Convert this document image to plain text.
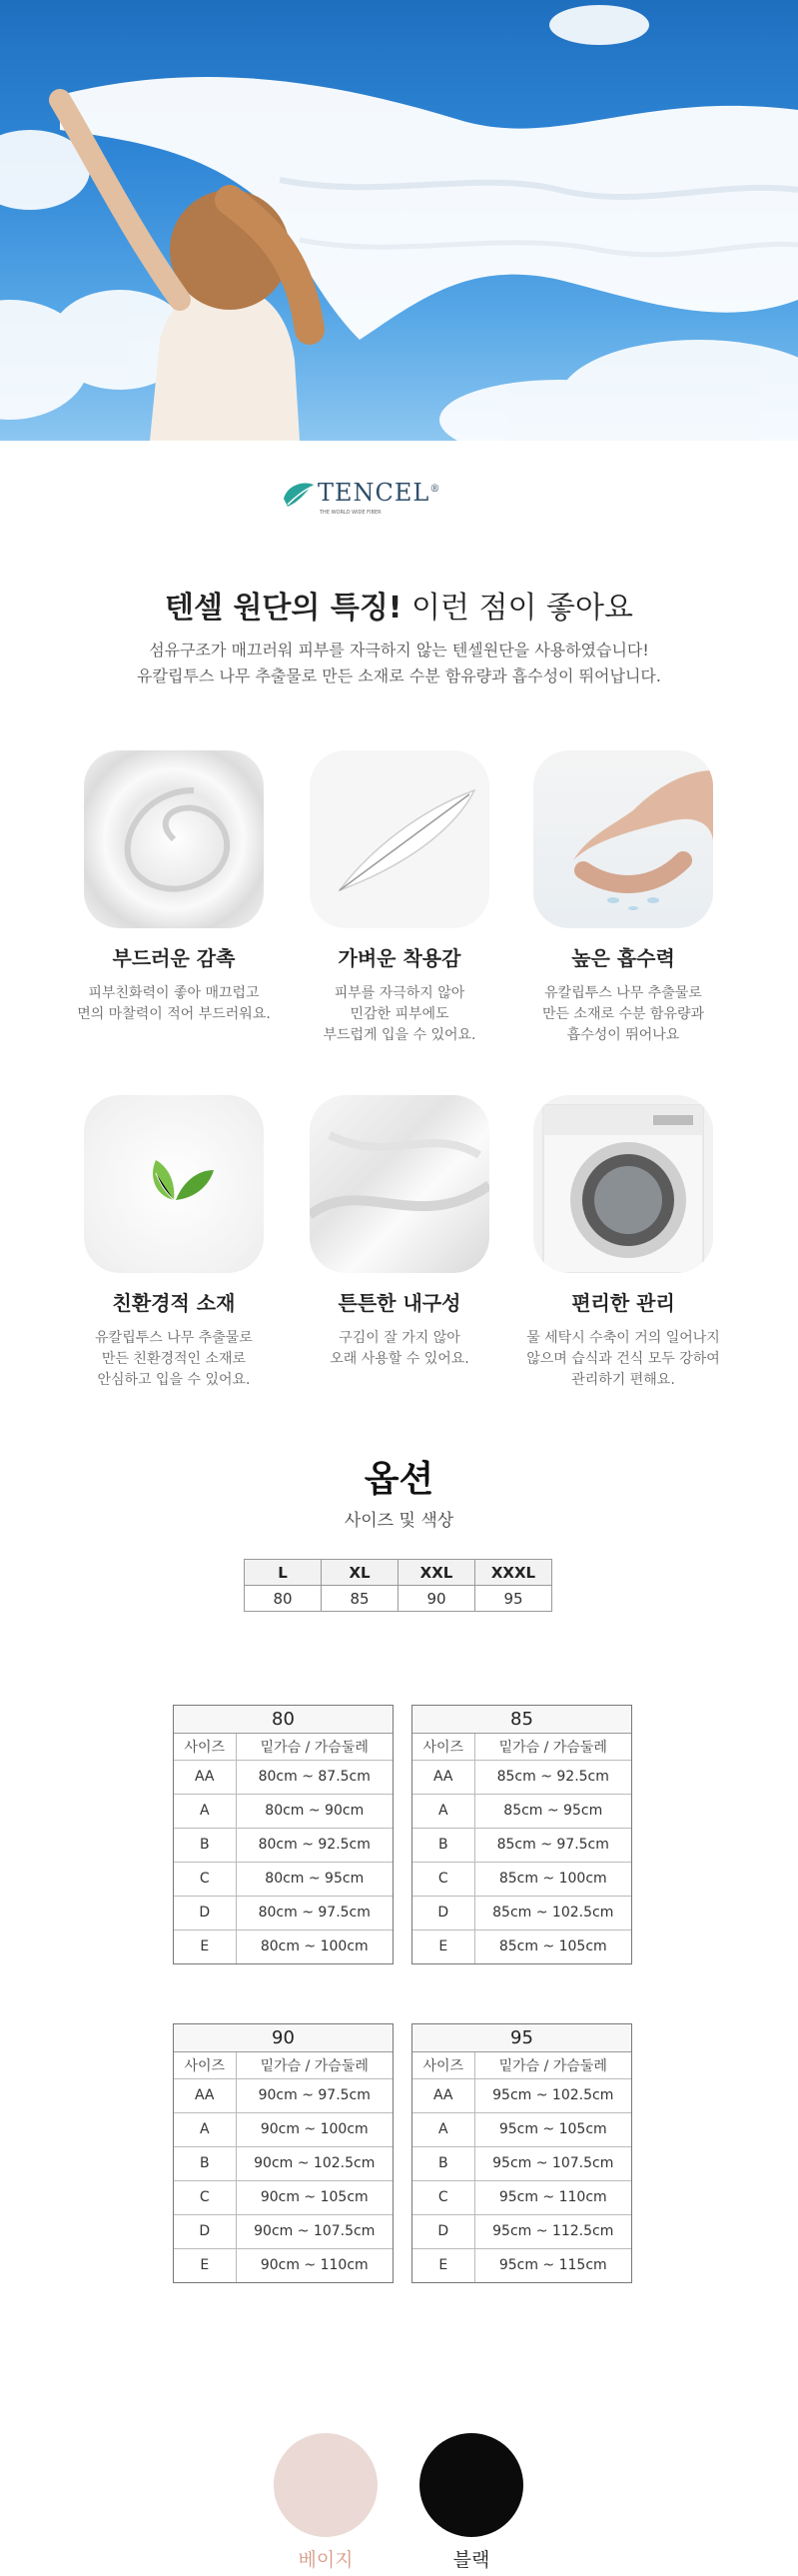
TENCEL®
THE WORLD WIDE FIBER
텐셀 원단의 특징! 이런 점이 좋아요
섬유구조가 매끄러워 피부를 자극하지 않는 텐셀원단을 사용하였습니다!
유칼립투스 나무 추출물로 만든 소재로 수분 함유량과 흡수성이 뛰어납니다.
부드러운 감촉
피부친화력이 좋아 매끄럽고
면의 마찰력이 적어 부드러워요.
가벼운 착용감
피부를 자극하지 않아
민감한 피부에도
부드럽게 입을 수 있어요.
높은 흡수력
유칼립투스 나무 추출물로
만든 소재로 수분 함유량과
흡수성이 뛰어나요
친환경적 소재
유칼립투스 나무 추출물로
만든 친환경적인 소재로
안심하고 입을 수 있어요.
튼튼한 내구성
구김이 잘 가지 않아
오래 사용할 수 있어요.
편리한 관리
물 세탁시 수축이 거의 일어나지
않으며 습식과 건식 모두 강하여
관리하기 편해요.
옵션
사이즈 및 색상
L	XL	XXL	XXXL
80	85	90	95
80
사이즈	밑가슴 / 가슴둘레
AA	80cm ~ 87.5cm
A	80cm ~ 90cm
B	80cm ~ 92.5cm
C	80cm ~ 95cm
D	80cm ~ 97.5cm
E	80cm ~ 100cm
85
사이즈	밑가슴 / 가슴둘레
AA	85cm ~ 92.5cm
A	85cm ~ 95cm
B	85cm ~ 97.5cm
C	85cm ~ 100cm
D	85cm ~ 102.5cm
E	85cm ~ 105cm
90
사이즈	밑가슴 / 가슴둘레
AA	90cm ~ 97.5cm
A	90cm ~ 100cm
B	90cm ~ 102.5cm
C	90cm ~ 105cm
D	90cm ~ 107.5cm
E	90cm ~ 110cm
95
사이즈	밑가슴 / 가슴둘레
AA	95cm ~ 102.5cm
A	95cm ~ 105cm
B	95cm ~ 107.5cm
C	95cm ~ 110cm
D	95cm ~ 112.5cm
E	95cm ~ 115cm
베이지	블랙
